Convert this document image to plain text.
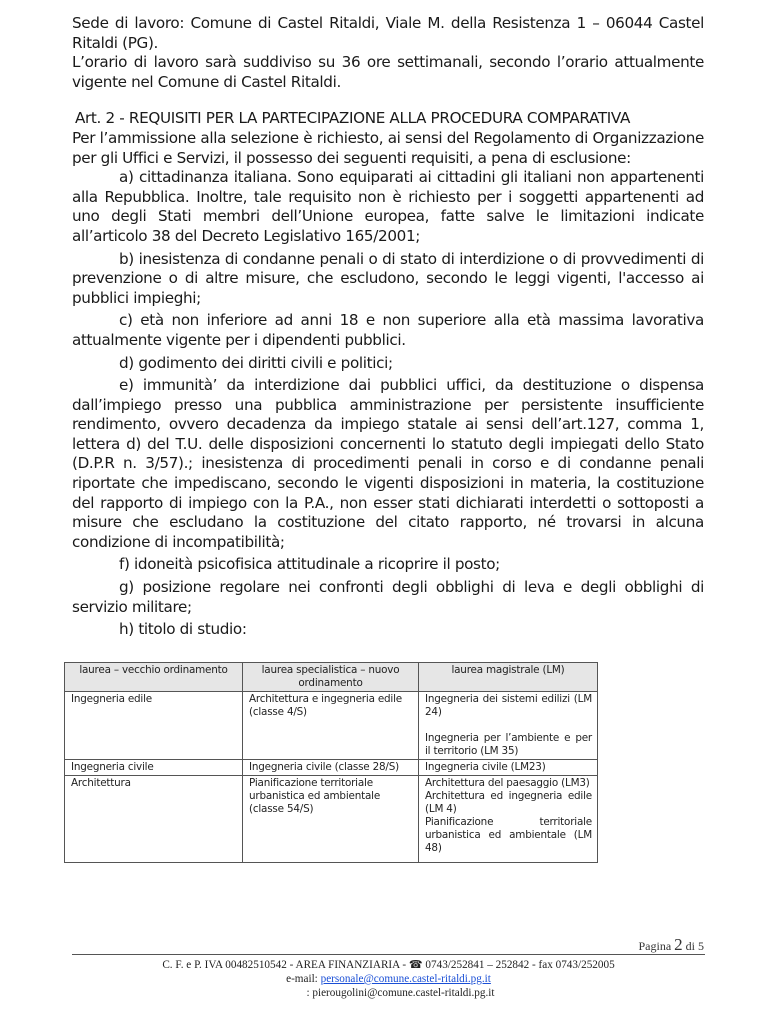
Sede di lavoro: Comune di Castel Ritaldi, Viale M. della Resistenza 1 – 06044 Castel Ritaldi (PG).

L’orario di lavoro sarà suddiviso su 36 ore settimanali, secondo l’orario attualmente vigente nel Comune di Castel Ritaldi.

Art. 2 - REQUISITI PER LA PARTECIPAZIONE ALLA PROCEDURA COMPARATIVA

Per l’ammissione alla selezione è richiesto, ai sensi del Regolamento di Organizzazione per gli Uffici e Servizi, il possesso dei seguenti requisiti, a pena di esclusione:

a) cittadinanza italiana. Sono equiparati ai cittadini gli italiani non appartenenti alla Repubblica. Inoltre, tale requisito non è richiesto per i soggetti appartenenti ad uno degli Stati membri dell’Unione europea, fatte salve le limitazioni indicate all’articolo 38 del Decreto Legislativo 165/2001;

b) inesistenza di condanne penali o di stato di interdizione o di provvedimenti di prevenzione o di altre misure, che escludono, secondo le leggi vigenti, l'accesso ai pubblici impieghi;

c) età non inferiore ad anni 18 e non superiore alla età massima lavorativa attualmente vigente per i dipendenti pubblici.

d) godimento dei diritti civili e politici;

e) immunità’ da interdizione dai pubblici uffici, da destituzione o dispensa dall’impiego presso una pubblica amministrazione per persistente insufficiente rendimento, ovvero decadenza da impiego statale ai sensi dell’art.127, comma 1, lettera d) del T.U. delle disposizioni concernenti lo statuto degli impiegati dello Stato (D.P.R n. 3/57).; inesistenza di procedimenti penali in corso e di condanne penali riportate che impediscano, secondo le vigenti disposizioni in materia, la costituzione del rapporto di impiego con la P.A., non esser stati dichiarati interdetti o sottoposti a misure che escludano la costituzione del citato rapporto, né trovarsi in alcuna condizione di incompatibilità;

f) idoneità psicofisica attitudinale a ricoprire il posto;

g) posizione regolare nei confronti degli obblighi di leva e degli obblighi di servizio militare;

h) titolo di studio:

laurea – vecchio ordinamento	laurea specialistica – nuovo ordinamento	laurea magistrale (LM)
Ingegneria edile	Architettura e ingegneria edile (classe 4/S)	Ingegneria dei sistemi edilizi (LM 24)
Ingegneria per l’ambiente e per il territorio (LM 35)

Ingegneria civile	Ingegneria civile (classe 28/S)	Ingegneria civile (LM23)

Architettura	Pianificazione territoriale urbanistica ed ambientale (classe 54/S)	Architettura del paesaggio (LM3)
Architettura ed ingegneria edile (LM 4)
Pianificazione territoriale urbanistica ed ambientale (LM 48)
Pagina 2 di 5
C. F. e P. IVA 00482510542 - AREA FINANZIARIA - ☎ 0743/252841 – 252842 - fax 0743/252005
e-mail: personale@comune.castel-ritaldi.pg.it
: pierougolini@comune.castel-ritaldi.pg.it
